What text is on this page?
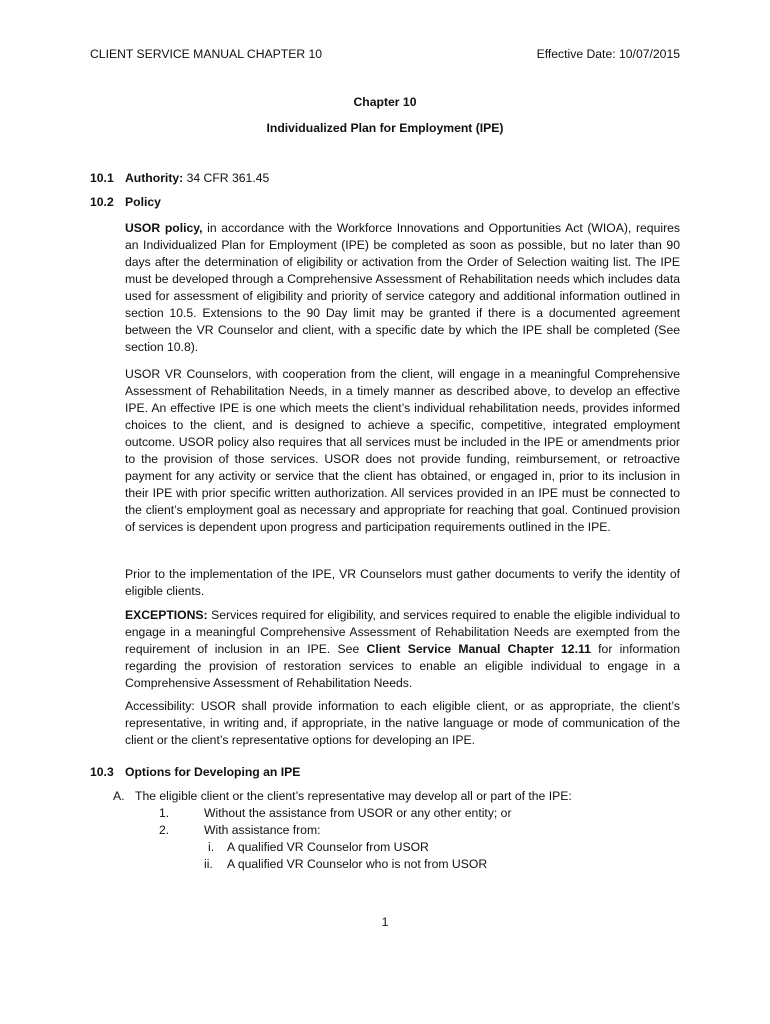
CLIENT SERVICE MANUAL CHAPTER 10	Effective Date: 10/07/2015
Chapter 10
Individualized Plan for Employment (IPE)
10.1 Authority: 34 CFR 361.45
10.2 Policy
USOR policy, in accordance with the Workforce Innovations and Opportunities Act (WIOA), requires an Individualized Plan for Employment (IPE) be completed as soon as possible, but no later than 90 days after the determination of eligibility or activation from the Order of Selection waiting list. The IPE must be developed through a Comprehensive Assessment of Rehabilitation needs which includes data used for assessment of eligibility and priority of service category and additional information outlined in section 10.5. Extensions to the 90 Day limit may be granted if there is a documented agreement between the VR Counselor and client, with a specific date by which the IPE shall be completed (See section 10.8).
USOR VR Counselors, with cooperation from the client, will engage in a meaningful Comprehensive Assessment of Rehabilitation Needs, in a timely manner as described above, to develop an effective IPE. An effective IPE is one which meets the client’s individual rehabilitation needs, provides informed choices to the client, and is designed to achieve a specific, competitive, integrated employment outcome. USOR policy also requires that all services must be included in the IPE or amendments prior to the provision of those services. USOR does not provide funding, reimbursement, or retroactive payment for any activity or service that the client has obtained, or engaged in, prior to its inclusion in their IPE with prior specific written authorization. All services provided in an IPE must be connected to the client’s employment goal as necessary and appropriate for reaching that goal. Continued provision of services is dependent upon progress and participation requirements outlined in the IPE.
Prior to the implementation of the IPE, VR Counselors must gather documents to verify the identity of eligible clients.
EXCEPTIONS: Services required for eligibility, and services required to enable the eligible individual to engage in a meaningful Comprehensive Assessment of Rehabilitation Needs are exempted from the requirement of inclusion in an IPE. See Client Service Manual Chapter 12.11 for information regarding the provision of restoration services to enable an eligible individual to engage in a Comprehensive Assessment of Rehabilitation Needs.
Accessibility: USOR shall provide information to each eligible client, or as appropriate, the client’s representative, in writing and, if appropriate, in the native language or mode of communication of the client or the client’s representative options for developing an IPE.
10.3 Options for Developing an IPE
A. The eligible client or the client’s representative may develop all or part of the IPE:
1.	Without the assistance from USOR or any other entity; or
2.	With assistance from:
i. A qualified VR Counselor from USOR
ii. A qualified VR Counselor who is not from USOR
1
